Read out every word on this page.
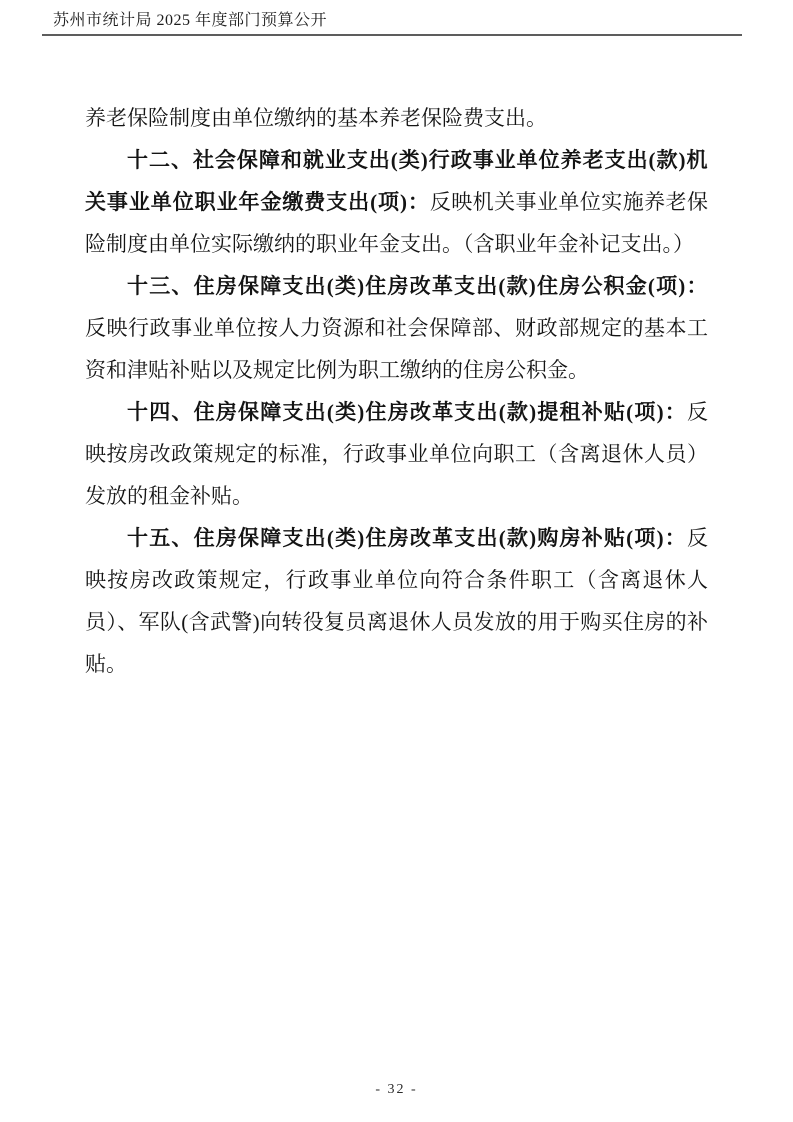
苏州市统计局 2025 年度部门预算公开

养老保险制度由单位缴纳的基本养老保险费支出。

十二、社会保障和就业支出(类)行政事业单位养老支出(款)机关事业单位职业年金缴费支出(项)：反映机关事业单位实施养老保险制度由单位实际缴纳的职业年金支出。（含职业年金补记支出。）

十三、住房保障支出(类)住房改革支出(款)住房公积金(项)：反映行政事业单位按人力资源和社会保障部、财政部规定的基本工资和津贴补贴以及规定比例为职工缴纳的住房公积金。

十四、住房保障支出(类)住房改革支出(款)提租补贴(项)：反映按房改政策规定的标准，行政事业单位向职工（含离退休人员）发放的租金补贴。

十五、住房保障支出(类)住房改革支出(款)购房补贴(项)：反映按房改政策规定，行政事业单位向符合条件职工（含离退休人员）、军队(含武警)向转役复员离退休人员发放的用于购买住房的补贴。

- 32 -
